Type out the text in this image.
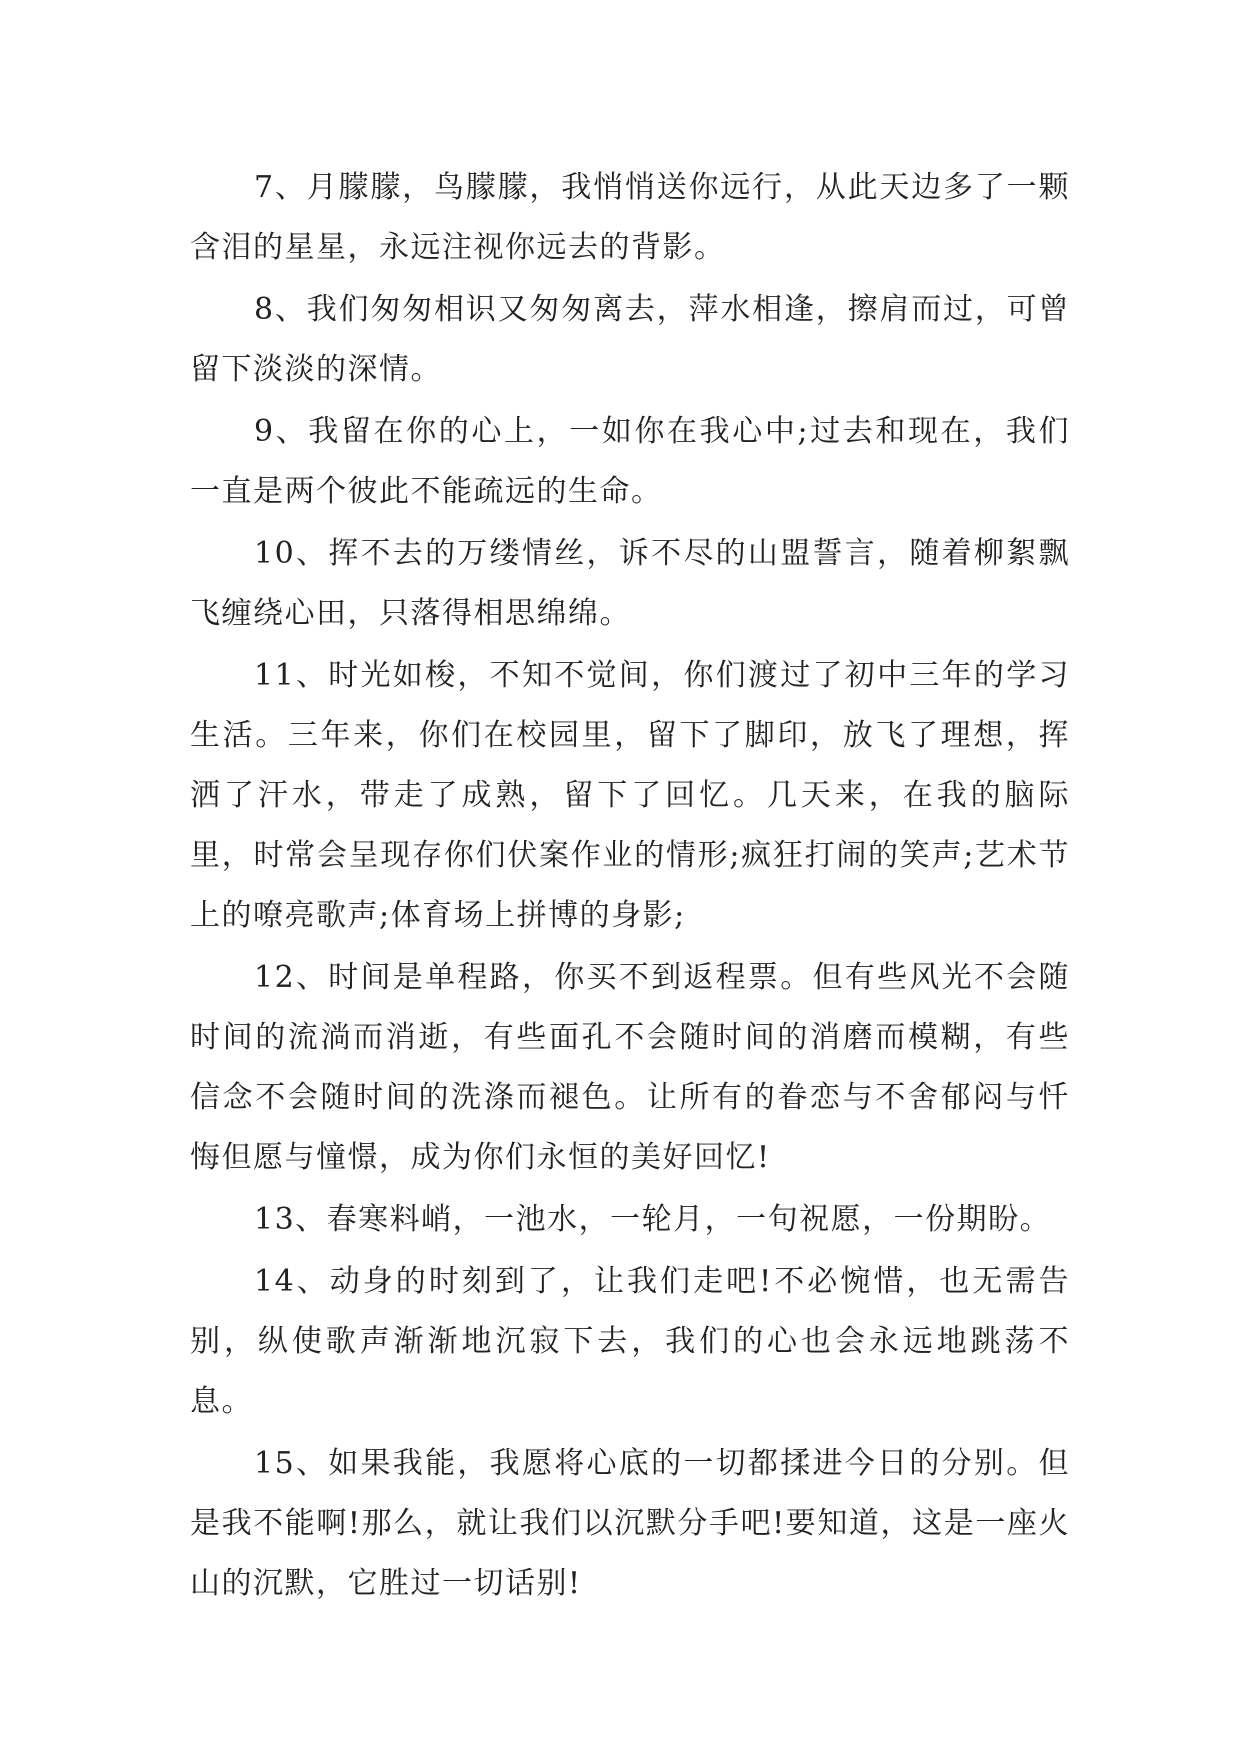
7、月朦朦，鸟朦朦，我悄悄送你远行，从此天边多了一颗含泪的星星，永远注视你远去的背影。

8、我们匆匆相识又匆匆离去，萍水相逢，擦肩而过，可曾留下淡淡的深情。

9、我留在你的心上，一如你在我心中;过去和现在，我们一直是两个彼此不能疏远的生命。

10、挥不去的万缕情丝，诉不尽的山盟誓言，随着柳絮飘飞缠绕心田，只落得相思绵绵。

11、时光如梭，不知不觉间，你们渡过了初中三年的学习生活。三年来，你们在校园里，留下了脚印，放飞了理想，挥洒了汗水，带走了成熟，留下了回忆。几天来，在我的脑际里，时常会呈现存你们伏案作业的情形;疯狂打闹的笑声;艺术节上的嘹亮歌声;体育场上拼博的身影;

12、时间是单程路，你买不到返程票。但有些风光不会随时间的流淌而消逝，有些面孔不会随时间的消磨而模糊，有些信念不会随时间的洗涤而褪色。让所有的眷恋与不舍郁闷与忏悔但愿与憧憬，成为你们永恒的美好回忆!

13、春寒料峭，一池水，一轮月，一句祝愿，一份期盼。

14、动身的时刻到了，让我们走吧!不必惋惜，也无需告别，纵使歌声渐渐地沉寂下去，我们的心也会永远地跳荡不息。

15、如果我能，我愿将心底的一切都揉进今日的分别。但是我不能啊!那么，就让我们以沉默分手吧!要知道，这是一座火山的沉默，它胜过一切话别!
